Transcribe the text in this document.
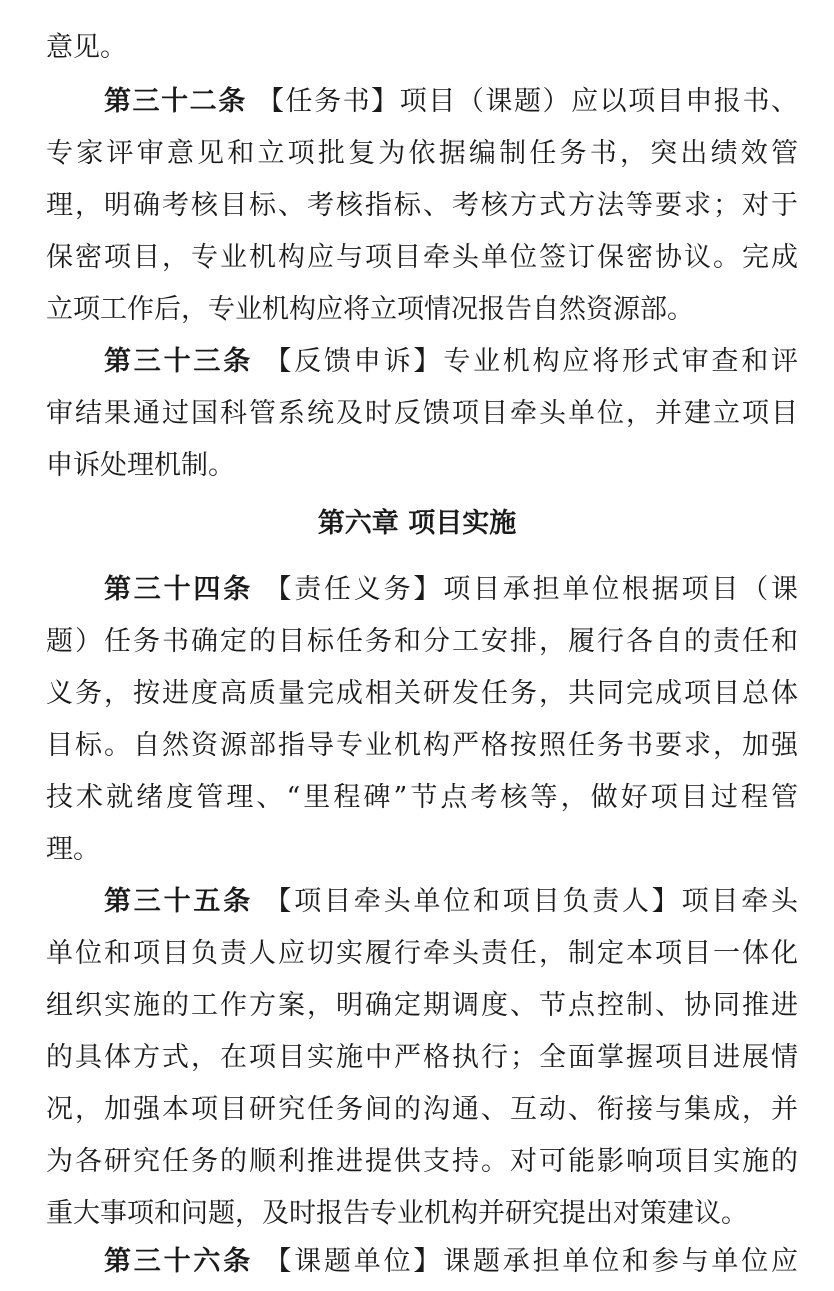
意见。
第三十二条 【任务书】项目（课题）应以项目申报书、
专家评审意见和立项批复为依据编制任务书，突出绩效管
理，明确考核目标、考核指标、考核方式方法等要求；对于
保密项目，专业机构应与项目牵头单位签订保密协议。完成
立项工作后，专业机构应将立项情况报告自然资源部。
第三十三条 【反馈申诉】专业机构应将形式审查和评
审结果通过国科管系统及时反馈项目牵头单位，并建立项目
申诉处理机制。
第六章 项目实施
第三十四条 【责任义务】项目承担单位根据项目（课
题）任务书确定的目标任务和分工安排，履行各自的责任和
义务，按进度高质量完成相关研发任务，共同完成项目总体
目标。自然资源部指导专业机构严格按照任务书要求，加强
技术就绪度管理、“里程碑”节点考核等，做好项目过程管
理。
第三十五条 【项目牵头单位和项目负责人】项目牵头
单位和项目负责人应切实履行牵头责任，制定本项目一体化
组织实施的工作方案，明确定期调度、节点控制、协同推进
的具体方式，在项目实施中严格执行；全面掌握项目进展情
况，加强本项目研究任务间的沟通、互动、衔接与集成，并
为各研究任务的顺利推进提供支持。对可能影响项目实施的
重大事项和问题，及时报告专业机构并研究提出对策建议。
第三十六条 【课题单位】课题承担单位和参与单位应
